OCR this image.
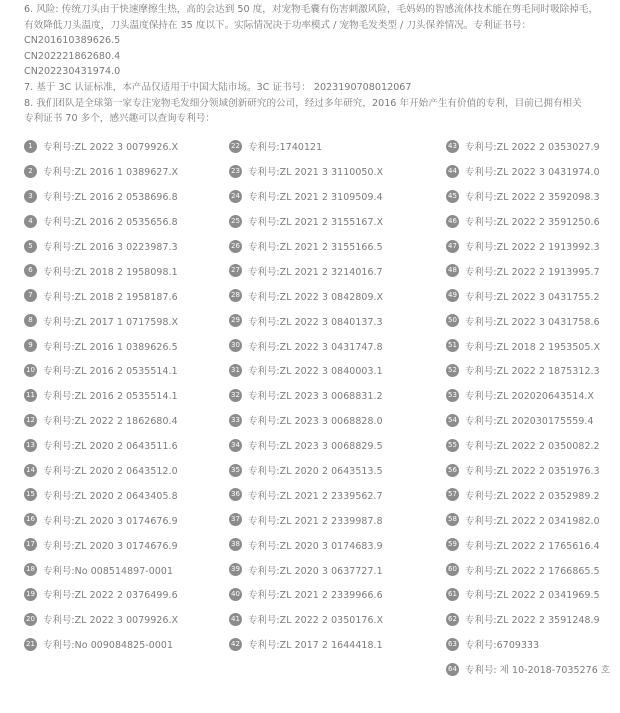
6. 风险: 传统刀头由于快速摩擦生热，高的会达到 50 度，对宠物毛囊有伤害刺激风险，毛妈妈的智感流体技术能在剪毛同时吸除掉毛，

有效降低刀头温度，刀头温度保持在 35 度以下。实际情况决于功率模式 / 宠物毛发类型 / 刀头保养情况。专利证书号：

CN201610389626.5

CN202221862680.4

CN202230431974.0

7. 基于 3C 认证标准，本产品仅适用于中国大陆市场。3C 证书号： 2023190708012067

8. 我们团队是全球第一家专注宠物毛发细分领域创新研究的公司，经过多年研究，2016 年开始产生有价值的专利，目前已拥有相关

专利证书 70 多个，感兴趣可以查询专利号：

1	专利号:ZL 2022 3 0079926.X
2	专利号:ZL 2016 1 0389627.X
3	专利号:ZL 2016 2 0538696.8
4	专利号:ZL 2016 2 0535656.8
5	专利号:ZL 2016 3 0223987.3
6	专利号:ZL 2018 2 1958098.1
7	专利号:ZL 2018 2 1958187.6
8	专利号:ZL 2017 1 0717598.X
9	专利号:ZL 2016 1 0389626.5
10 专利号:ZL 2016 2 0535514.1
11 专利号:ZL 2016 2 0535514.1
12 专利号:ZL 2022 2 1862680.4
13 专利号:ZL 2020 2 0643511.6
14 专利号:ZL 2020 2 0643512.0
15 专利号:ZL 2020 2 0643405.8
16 专利号:ZL 2020 3 0174676.9
17 专利号:ZL 2020 3 0174676.9
18 专利号:No 008514897-0001
19 专利号:ZL 2022 2 0376499.6
20 专利号:ZL 2022 3 0079926.X
21 专利号:No 009084825-0001
22 专利号:1740121
23 专利号:ZL 2021 3 3110050.X
24 专利号:ZL 2021 2 3109509.4
25 专利号:ZL 2021 2 3155167.X
26 专利号:ZL 2021 2 3155166.5
27 专利号:ZL 2021 2 3214016.7
28 专利号:ZL 2022 3 0842809.X
29 专利号:ZL 2022 3 0840137.3
30 专利号:ZL 2022 3 0431747.8
31 专利号:ZL 2022 3 0840003.1
32 专利号:ZL 2023 3 0068831.2
33 专利号:ZL 2023 3 0068828.0
34 专利号:ZL 2023 3 0068829.5
35 专利号:ZL 2020 2 0643513.5
36 专利号:ZL 2021 2 2339562.7
37 专利号:ZL 2021 2 2339987.8
38 专利号:ZL 2020 3 0174683.9
39 专利号:ZL 2020 3 0637727.1
40 专利号:ZL 2021 2 2339966.6
41 专利号:ZL 2022 2 0350176.X
42 专利号:ZL 2017 2 1644418.1
43 专利号:ZL 2022 2 0353027.9
44 专利号:ZL 2022 3 0431974.0
45 专利号:ZL 2022 2 3592098.3
46 专利号:ZL 2022 2 3591250.6
47 专利号:ZL 2022 2 1913992.3
48 专利号:ZL 2022 2 1913995.7
49 专利号:ZL 2022 3 0431755.2
50 专利号:ZL 2022 3 0431758.6
51 专利号:ZL 2018 2 1953505.X
52 专利号:ZL 2022 2 1875312.3
53 专利号:ZL 202020643514.X
54 专利号:ZL 202030175559.4
55 专利号:ZL 2022 2 0350082.2
56 专利号:ZL 2022 2 0351976.3
57 专利号:ZL 2022 2 0352989.2
58 专利号:ZL 2022 2 0341982.0
59 专利号:ZL 2022 2 1765616.4
60 专利号:ZL 2022 2 1766865.5
61 专利号:ZL 2022 2 0341969.5
62 专利号:ZL 2022 2 3591248.9
63 专利号:6709333
64 专利号: 제 10-2018-7035276 호
